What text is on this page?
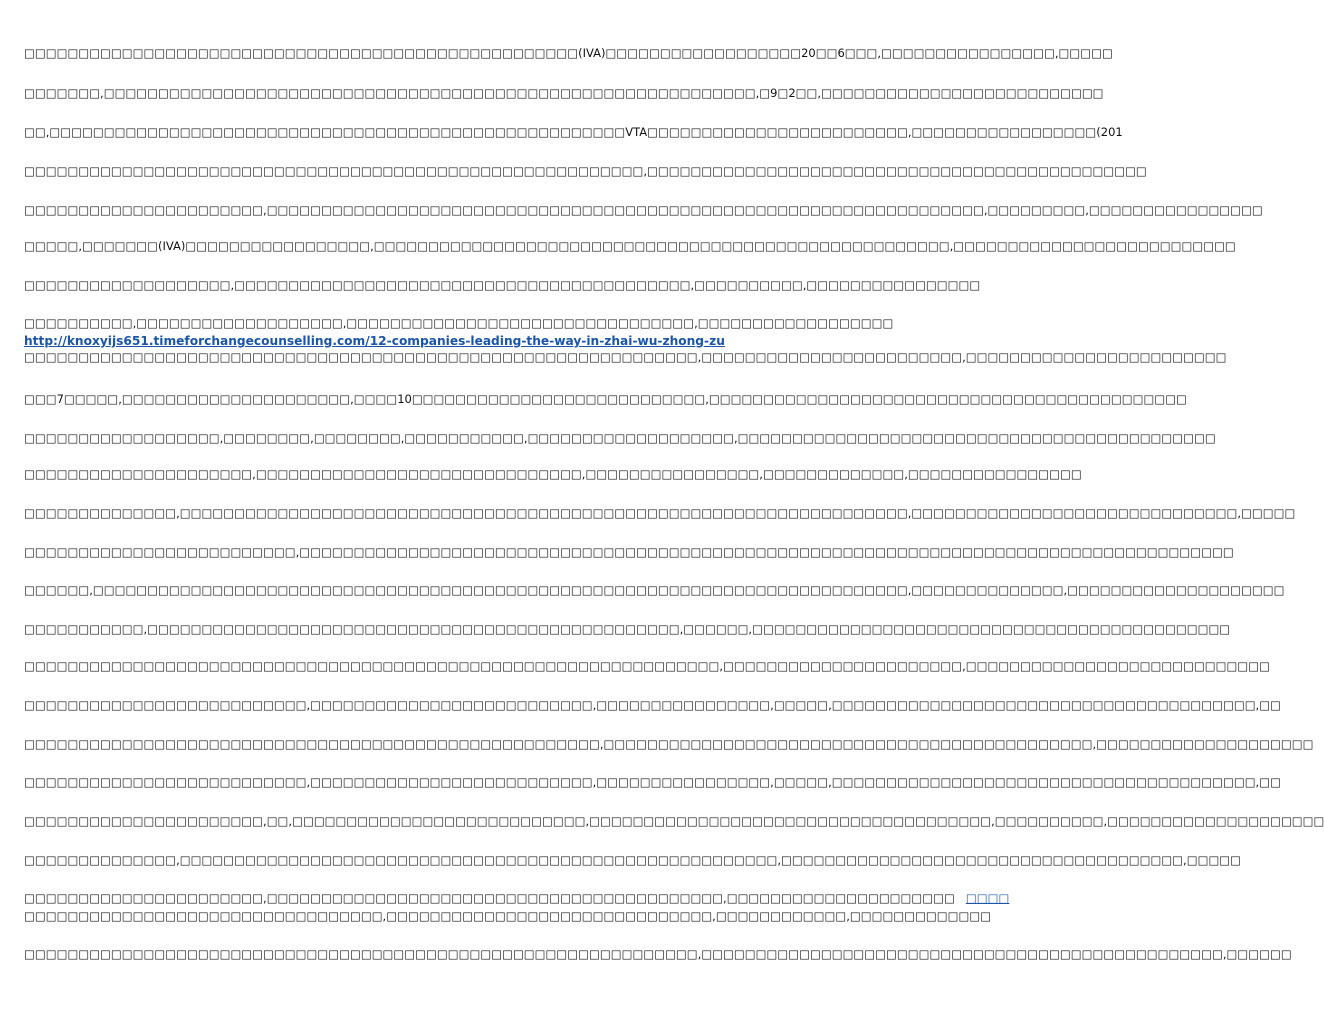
□□□□□□□□□□□□□□□□□□□□□□□□□□□□□□□□□□□□□□□□□□□□□□□□□□□(IVA)□□□□□□□□□□□□□□□□□□20□□6□□□,□□□□□□□□□□□□□□□□,□□□□□
□□□□□□□,□□□□□□□□□□□□□□□□□□□□□□□□□□□□□□□□□□□□□□□□□□□□□□□□□□□□□□□□□□□□,□9□2□□,□□□□□□□□□□□□□□□□□□□□□□□□□□
□□,□□□□□□□□□□□□□□□□□□□□□□□□□□□□□□□□□□□□□□□□□□□□□□□□□□□□□VTA□□□□□□□□□□□□□□□□□□□□□□□□,□□□□□□□□□□□□□□□□□(201
□□□□□□□□□□□□□□□□□□□□□□□□□□□□□□□□□□□□□□□□□□□□□□□□□□□□□□□□□,□□□□□□□□□□□□□□□□□□□□□□□□□□□□□□□□□□□□□□□□□□□□□□
□□□□□□□□□□□□□□□□□□□□□□,□□□□□□□□□□□□□□□□□□□□□□□□□□□□□□□□□□□□□□□□□□□□□□□□□□□□□□□□□□□□□□□□□□,□□□□□□□□□,□□□□□□□□□□□□□□□□
□□□□□,□□□□□□□(IVA)□□□□□□□□□□□□□□□□□,□□□□□□□□□□□□□□□□□□□□□□□□□□□□□□□□□□□□□□□□□□□□□□□□□□□□□,□□□□□□□□□□□□□□□□□□□□□□□□□□
□□□□□□□□□□□□□□□□□□□,□□□□□□□□□□□□□□□□□□□□□□□□□□□□□□□□□□□□□□□□□□,□□□□□□□□□□,□□□□□□□□□□□□□□□□
□□□□□□□□□□,□□□□□□□□□□□□□□□□□□□,□□□□□□□□□□□□□□□□□□□□□□□□□□□□□□□□,□□□□□□□□□□□□□□□□□□
http://knoxyijs651.timeforchangecounselling.com/12-companies-leading-the-way-in-zhai-wu-zhong-zu
□□□□□□□□□□□□□□□□□□□□□□□□□□□□□□□□□□□□□□□□□□□□□□□□□□□□□□□□□□□□□□,□□□□□□□□□□□□□□□□□□□□□□□□,□□□□□□□□□□□□□□□□□□□□□□□□
□□□7□□□□□,□□□□□□□□□□□□□□□□□□□□□,□□□□10□□□□□□□□□□□□□□□□□□□□□□□□□□□,□□□□□□□□□□□□□□□□□□□□□□□□□□□□□□□□□□□□□□□□□□□□
□□□□□□□□□□□□□□□□□□,□□□□□□□□,□□□□□□□□,□□□□□□□□□□□,□□□□□□□□□□□□□□□□□□□,□□□□□□□□□□□□□□□□□□□□□□□□□□□□□□□□□□□□□□□□□□□□
□□□□□□□□□□□□□□□□□□□□□,□□□□□□□□□□□□□□□□□□□□□□□□□□□□□□,□□□□□□□□□□□□□□□□,□□□□□□□□□□□□□,□□□□□□□□□□□□□□□□
□□□□□□□□□□□□□□,□□□□□□□□□□□□□□□□□□□□□□□□□□□□□□□□□□□□□□□□□□□□□□□□□□□□□□□□□□□□□□□□□□□,□□□□□□□□□□□□□□□□□□□□□□□□□□□□□□,□□□□□
□□□□□□□□□□□□□□□□□□□□□□□□□,□□□□□□□□□□□□□□□□□□□□□□□□□□□□□□□□□□□□□□□□□□□□□□□□□□□□□□□□□□□□□□□□□□□□□□□□□□□□□□□□□□□□□□
□□□□□□,□□□□□□□□□□□□□□□□□□□□□□□□□□□□□□□□□□□□□□□□□□□□□□□□□□□□□□□□□□□□□□□□□□□□□□□□□□□,□□□□□□□□□□□□□□,□□□□□□□□□□□□□□□□□□□□
□□□□□□□□□□□,□□□□□□□□□□□□□□□□□□□□□□□□□□□□□□□□□□□□□□□□□□□□□□□□□,□□□□□□,□□□□□□□□□□□□□□□□□□□□□□□□□□□□□□□□□□□□□□□□□□□□
□□□□□□□□□□□□□□□□□□□□□□□□□□□□□□□□□□□□□□□□□□□□□□□□□□□□□□□□□□□□□□□□,□□□□□□□□□□□□□□□□□□□□□□,□□□□□□□□□□□□□□□□□□□□□□□□□□□□
□□□□□□□□□□□□□□□□□□□□□□□□□□,□□□□□□□□□□□□□□□□□□□□□□□□□□,□□□□□□□□□□□□□□□□,□□□□□,□□□□□□□□□□□□□□□□□□□□□□□□□□□□□□□□□□□□□□□,□□
□□□□□□□□□□□□□□□□□□□□□□□□□□□□□□□□□□□□□□□□□□□□□□□□□□□□□,□□□□□□□□□□□□□□□□□□□□□□□□□□□□□□□□□□□□□□□□□□□□□,□□□□□□□□□□□□□□□□□□□□
□□□□□□□□□□□□□□□□□□□□□□□□□□,□□□□□□□□□□□□□□□□□□□□□□□□□□,□□□□□□□□□□□□□□□□,□□□□□,□□□□□□□□□□□□□□□□□□□□□□□□□□□□□□□□□□□□□□□,□□
□□□□□□□□□□□□□□□□□□□□□□,□□,□□□□□□□□□□□□□□□□□□□□□□□□□□□,□□□□□□□□□□□□□□□□□□□□□□□□□□□□□□□□□□□□□,□□□□□□□□□□,□□□□□□□□□□□□□□□□□□□□
□□□□□□□□□□□□□□,□□□□□□□□□□□□□□□□□□□□□□□□□□□□□□□□□□□□□□□□□□□□□□□□□□□□□□□,□□□□□□□□□□□□□□□□□□□□□□□□□□□□□□□□□□□□□,□□□□□
□□□□□□□□□□□□□□□□□□□□□□,□□□□□□□□□□□□□□□□□□□□□□□□□□□□□□□□□□□□□□□□□□,□□□□□□□□□□□□□□□□□□□□□ □□□□
□□□□□□□□□□□□□□□□□□□□□□□□□□□□□□□□□,□□□□□□□□□□□□□□□□□□□□□□□□□□□□□□,□□□□□□□□□□□□,□□□□□□□□□□□□□
□□□□□□□□□□□□□□□□□□□□□□□□□□□□□□□□□□□□□□□□□□□□□□□□□□□□□□□□□□□□□□,□□□□□□□□□□□□□□□□□□□□□□□□□□□□□□□□□□□□□□□□□□□□□□□□,□□□□□□
